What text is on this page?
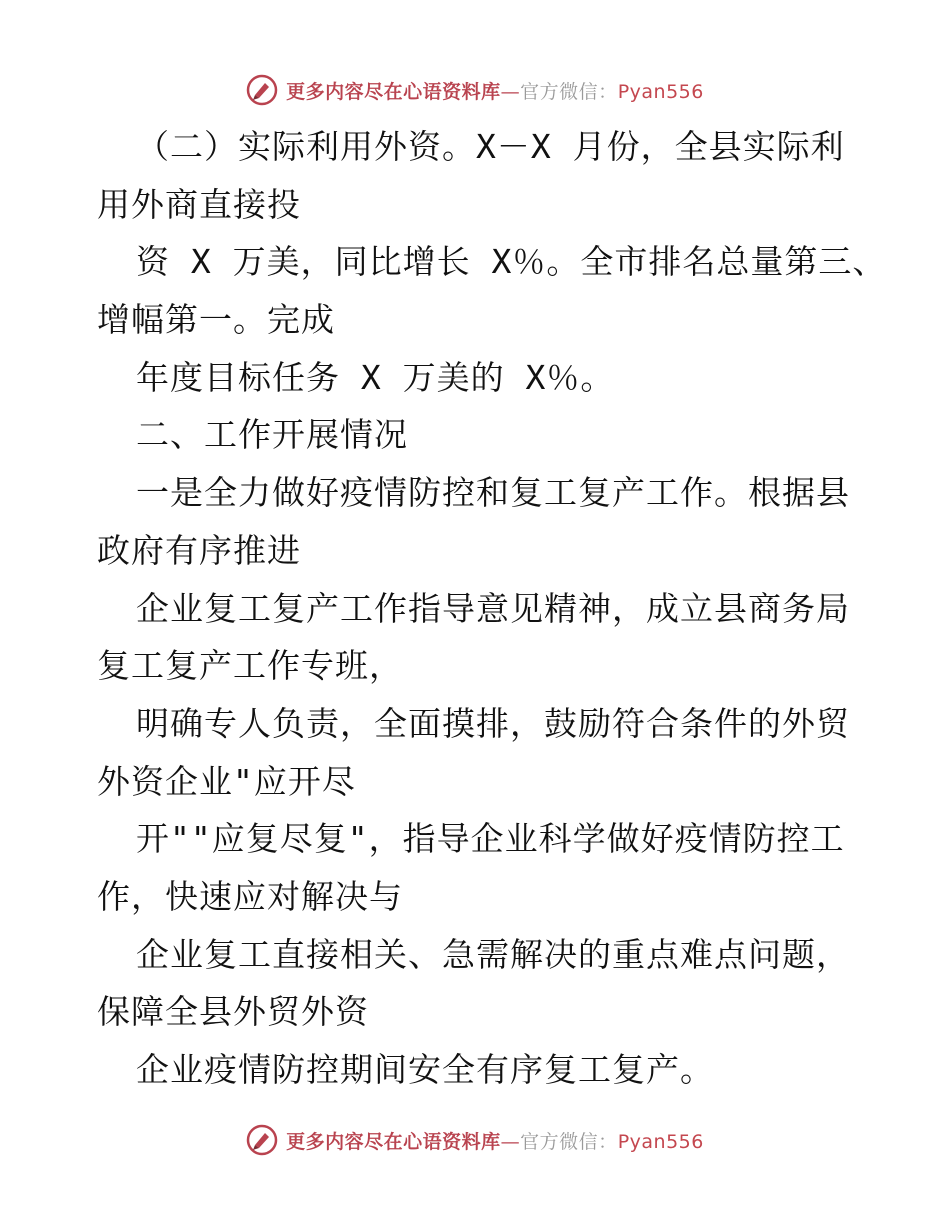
更多内容尽在心语资料库—官方微信：Pyan556
（二）实际利用外资。X－X 月份，全县实际利
用外商直接投
资 X 万美，同比增长 X％。全市排名总量第三、
增幅第一。完成
年度目标任务 X 万美的 X％。
二、工作开展情况
一是全力做好疫情防控和复工复产工作。根据县
政府有序推进
企业复工复产工作指导意见精神，成立县商务局
复工复产工作专班，
明确专人负责，全面摸排，鼓励符合条件的外贸
外资企业"应开尽
开""应复尽复"，指导企业科学做好疫情防控工
作，快速应对解决与
企业复工直接相关、急需解决的重点难点问题，
保障全县外贸外资
企业疫情防控期间安全有序复工复产。
更多内容尽在心语资料库—官方微信：Pyan556
